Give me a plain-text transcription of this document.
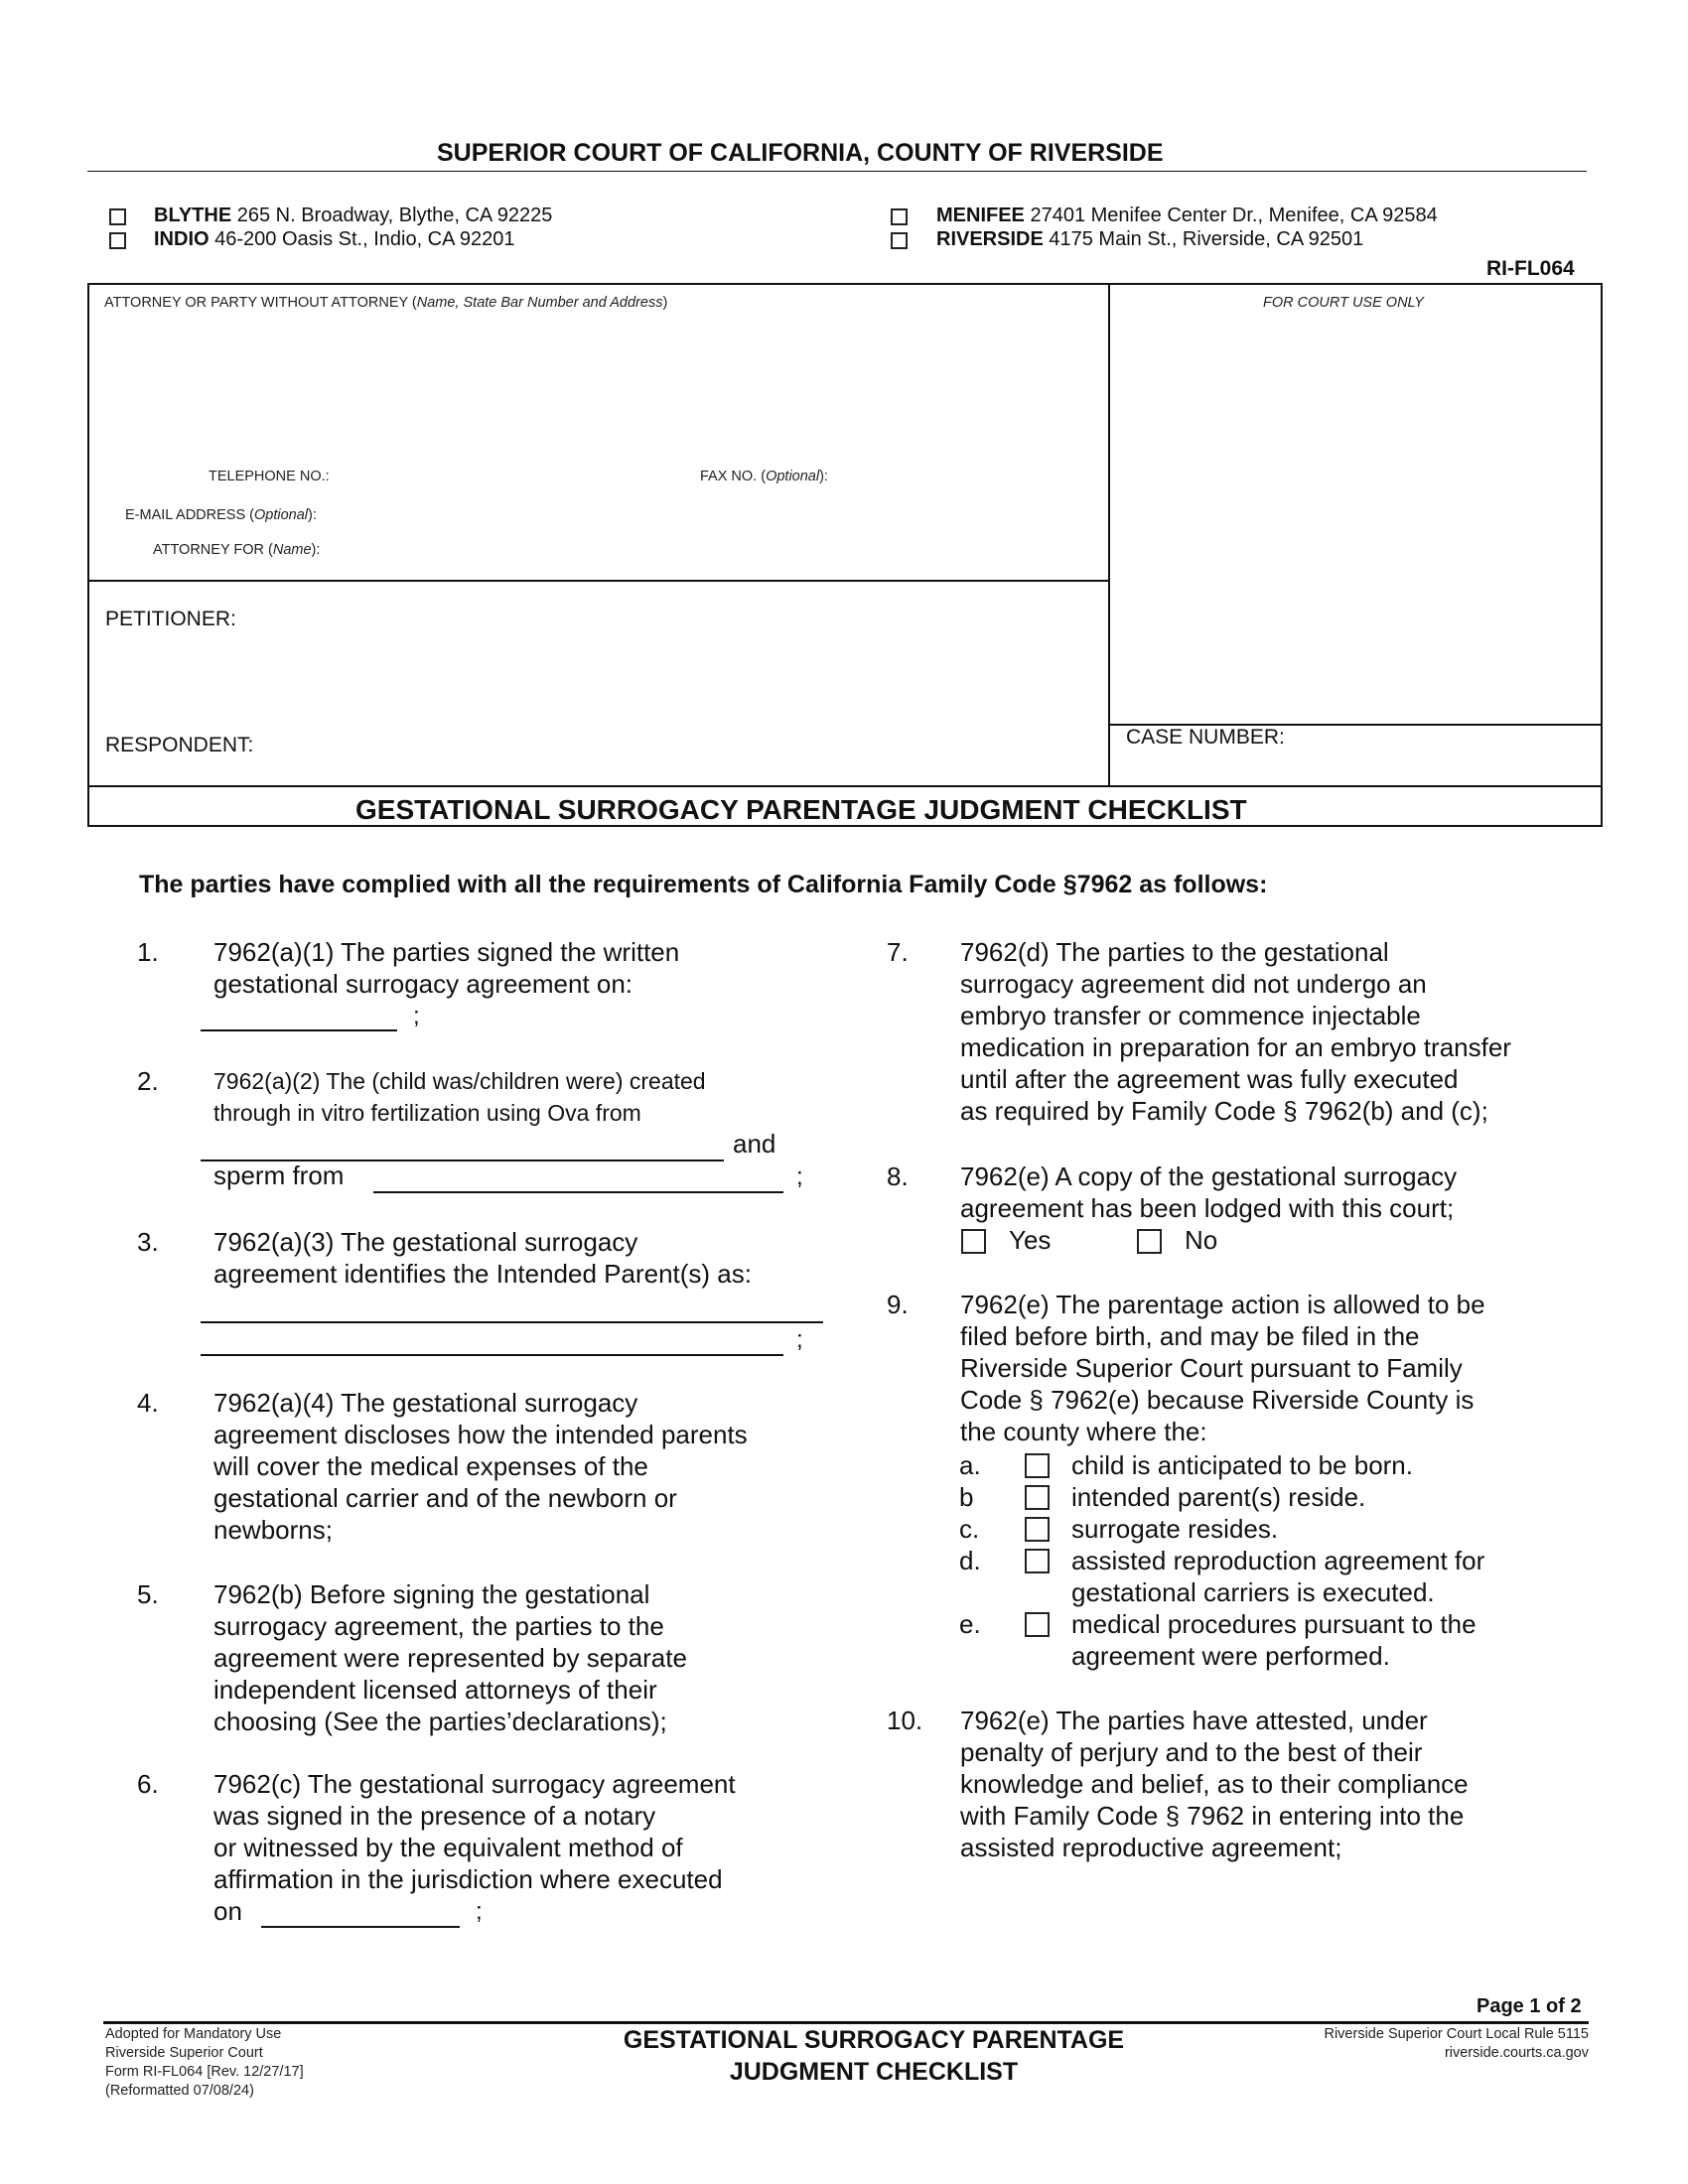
SUPERIOR COURT OF CALIFORNIA, COUNTY OF RIVERSIDE
BLYTHE 265 N. Broadway, Blythe, CA 92225
INDIO 46-200 Oasis St., Indio, CA 92201
MENIFEE 27401 Menifee Center Dr., Menifee, CA 92584
RIVERSIDE 4175 Main St., Riverside, CA 92501
RI-FL064
ATTORNEY OR PARTY WITHOUT ATTORNEY (Name, State Bar Number and Address)	FOR COURT USE ONLY
TELEPHONE NO.:	FAX NO. (Optional):
E-MAIL ADDRESS (Optional):
ATTORNEY FOR (Name):
PETITIONER:
RESPONDENT:	CASE NUMBER:
GESTATIONAL SURROGACY PARENTAGE JUDGMENT CHECKLIST
The parties have complied with all the requirements of California Family Code §7962 as follows:
1. 7962(a)(1) The parties signed the written
gestational surrogacy agreement on:
;
2. 7962(a)(2) The (child was/children were) created
through in vitro fertilization using Ova from
and
sperm from	;
3. 7962(a)(3) The gestational surrogacy
agreement identifies the Intended Parent(s) as:
;
4. 7962(a)(4) The gestational surrogacy
agreement discloses how the intended parents
will cover the medical expenses of the
gestational carrier and of the newborn or
newborns;
5. 7962(b) Before signing the gestational
surrogacy agreement, the parties to the
agreement were represented by separate
independent licensed attorneys of their
choosing (See the parties’declarations);
6. 7962(c) The gestational surrogacy agreement
was signed in the presence of a notary
or witnessed by the equivalent method of
affirmation in the jurisdiction where executed
on	;
7. 7962(d) The parties to the gestational
surrogacy agreement did not undergo an
embryo transfer or commence injectable
medication in preparation for an embryo transfer
until after the agreement was fully executed
as required by Family Code § 7962(b) and (c);
8. 7962(e) A copy of the gestational surrogacy
agreement has been lodged with this court;
Yes	No
9. 7962(e) The parentage action is allowed to be
filed before birth, and may be filed in the
Riverside Superior Court pursuant to Family
Code § 7962(e) because Riverside County is
the county where the:
a.	child is anticipated to be born.
b	intended parent(s) reside.
c.	surrogate resides.
d.	assisted reproduction agreement for
gestational carriers is executed.
e.	medical procedures pursuant to the
agreement were performed.
10. 7962(e) The parties have attested, under
penalty of perjury and to the best of their
knowledge and belief, as to their compliance
with Family Code § 7962 in entering into the
assisted reproductive agreement;
Page 1 of 2
Adopted for Mandatory Use
Riverside Superior Court
Form RI-FL064 [Rev. 12/27/17]
(Reformatted 07/08/24)
GESTATIONAL SURROGACY PARENTAGE
JUDGMENT CHECKLIST
Riverside Superior Court Local Rule 5115
riverside.courts.ca.gov
